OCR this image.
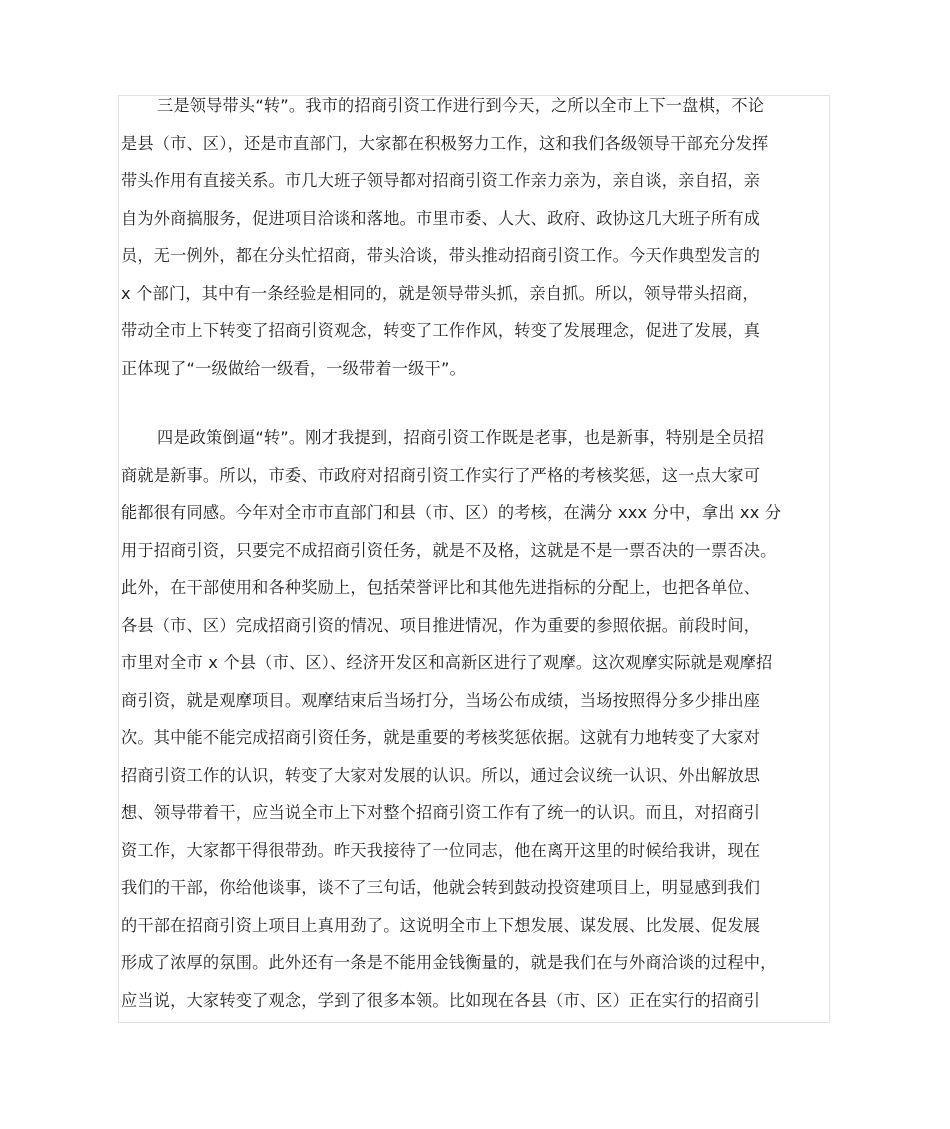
三是领导带头“转”。我市的招商引资工作进行到今天，之所以全市上下一盘棋，不论
是县（市、区），还是市直部门，大家都在积极努力工作，这和我们各级领导干部充分发挥
带头作用有直接关系。市几大班子领导都对招商引资工作亲力亲为，亲自谈，亲自招，亲
自为外商搞服务，促进项目洽谈和落地。市里市委、人大、政府、政协这几大班子所有成
员，无一例外，都在分头忙招商，带头洽谈，带头推动招商引资工作。今天作典型发言的
x 个部门，其中有一条经验是相同的，就是领导带头抓，亲自抓。所以，领导带头招商，
带动全市上下转变了招商引资观念，转变了工作作风，转变了发展理念，促进了发展，真
正体现了“一级做给一级看，一级带着一级干”。
四是政策倒逼“转”。刚才我提到，招商引资工作既是老事，也是新事，特别是全员招
商就是新事。所以，市委、市政府对招商引资工作实行了严格的考核奖惩，这一点大家可
能都很有同感。今年对全市市直部门和县（市、区）的考核，在满分 xxx 分中，拿出 xx 分
用于招商引资，只要完不成招商引资任务，就是不及格，这就是不是一票否决的一票否决。
此外，在干部使用和各种奖励上，包括荣誉评比和其他先进指标的分配上，也把各单位、
各县（市、区）完成招商引资的情况、项目推进情况，作为重要的参照依据。前段时间，
市里对全市 x 个县（市、区）、经济开发区和高新区进行了观摩。这次观摩实际就是观摩招
商引资，就是观摩项目。观摩结束后当场打分，当场公布成绩，当场按照得分多少排出座
次。其中能不能完成招商引资任务，就是重要的考核奖惩依据。这就有力地转变了大家对
招商引资工作的认识，转变了大家对发展的认识。所以，通过会议统一认识、外出解放思
想、领导带着干，应当说全市上下对整个招商引资工作有了统一的认识。而且，对招商引
资工作，大家都干得很带劲。昨天我接待了一位同志，他在离开这里的时候给我讲，现在
我们的干部，你给他谈事，谈不了三句话，他就会转到鼓动投资建项目上，明显感到我们
的干部在招商引资上项目上真用劲了。这说明全市上下想发展、谋发展、比发展、促发展
形成了浓厚的氛围。此外还有一条是不能用金钱衡量的，就是我们在与外商洽谈的过程中，
应当说，大家转变了观念，学到了很多本领。比如现在各县（市、区）正在实行的招商引
